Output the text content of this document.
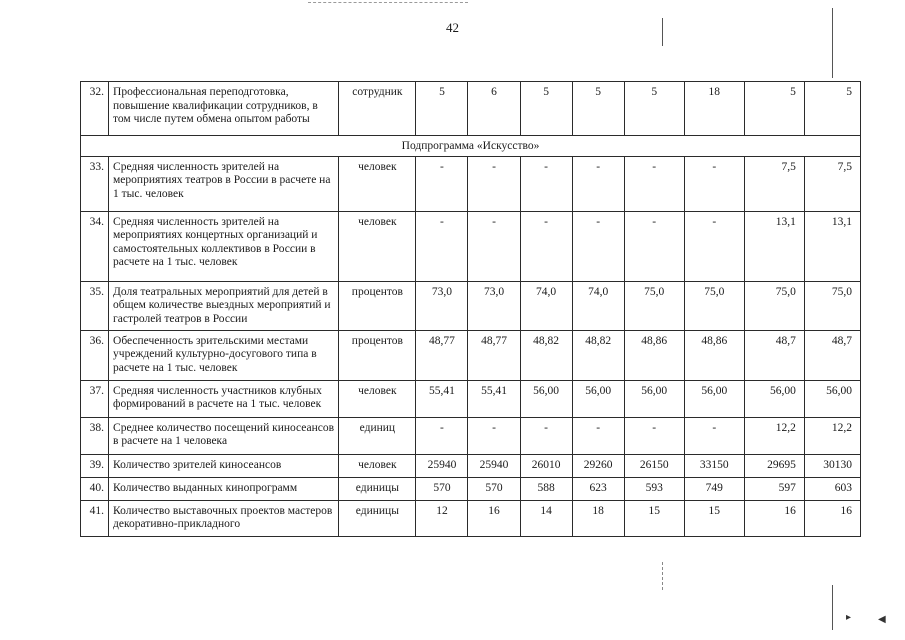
42
32.	Профессиональная переподготовка, повышение квалификации сотрудников, в том числе путем обмена опытом работы	сотрудник	5	6	5	5	5	18	5	5
Подпрограмма «Искусство»										
33.	Средняя численность зрителей на мероприятиях театров в России в расчете на 1 тыс. человек	человек	-	-	-	-	-	-	7,5	7,5
34.	Средняя численность зрителей на мероприятиях концертных организаций и самостоятельных коллективов в России в расчете на 1 тыс. человек	человек	-	-	-	-	-	-	13,1	13,1
35.	Доля театральных мероприятий для детей в общем количестве выездных мероприятий и гастролей театров в России	процентов	73,0	73,0	74,0	74,0	75,0	75,0	75,0	75,0
36.	Обеспеченность зрительскими местами учреждений культурно-досугового типа в расчете на 1 тыс. человек	процентов	48,77	48,77	48,82	48,82	48,86	48,86	48,7	48,7
37.	Средняя численность участников клубных формирований в расчете на 1 тыс. человек	человек	55,41	55,41	56,00	56,00	56,00	56,00	56,00	56,00
38.	Среднее количество посещений киносеансов в расчете на 1 человека	единиц	-	-	-	-	-	-	12,2	12,2
39.	Количество зрителей киносеансов	человек	25940	25940	26010	29260	26150	33150	29695	30130
40.	Количество выданных кинопрограмм	единицы	570	570	588	623	593	749	597	603
41.	Количество выставочных проектов мастеров декоративно-прикладного	единицы	12	16	14	18	15	15	16	16
▸	◀
